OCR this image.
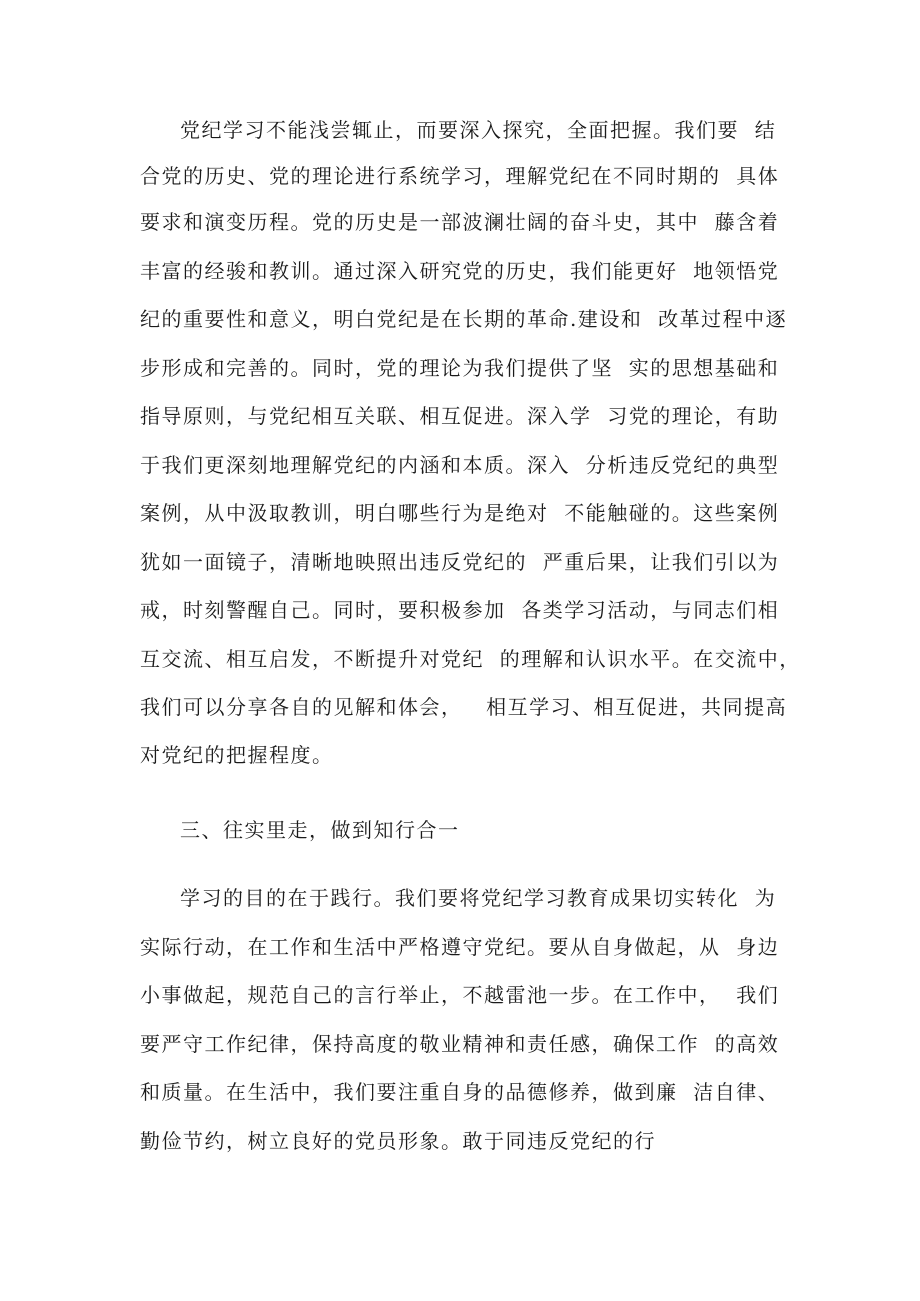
党纪学习不能浅尝辄止，而要深入探究，全面把握。我们要  结
合党的历史、党的理论进行系统学习，理解党纪在不同时期的  具体
要求和演变历程。党的历史是一部波澜壮阔的奋斗史，其中  藤含着
丰富的经骏和教训。通过深入研究党的历史，我们能更好  地领悟党
纪的重要性和意义，明白党纪是在长期的革命.建设和  改革过程中逐
步形成和完善的。同时，党的理论为我们提供了坚  实的思想基础和
指导原则，与党纪相互关联、相互促进。深入学  习党的理论，有助
于我们更深刻地理解党纪的内涵和本质。深入  分析违反党纪的典型
案例，从中汲取教训，明白哪些行为是绝对  不能触碰的。这些案例
犹如一面镜子，清晰地映照出违反党纪的  严重后果，让我们引以为
戒，时刻警醒自己。同时，要积极参加  各类学习活动，与同志们相
互交流、相互启发，不断提升对党纪  的理解和认识水平。在交流中，
我们可以分享各自的见解和体会，   相互学习、相互促进，共同提高
对党纪的把握程度。
三、往实里走，做到知行合一
学习的目的在于践行。我们要将党纪学习教育成果切实转化  为
实际行动，在工作和生活中严格遵守党纪。要从自身做起，从  身边
小事做起，规范自己的言行举止，不越雷池一步。在工作中，  我们
要严守工作纪律，保持高度的敬业精神和责任感，确保工作  的高效
和质量。在生活中，我们要注重自身的品德修养，做到廉  洁自律、
勤俭节约，树立良好的党员形象。敢于同违反党纪的行
